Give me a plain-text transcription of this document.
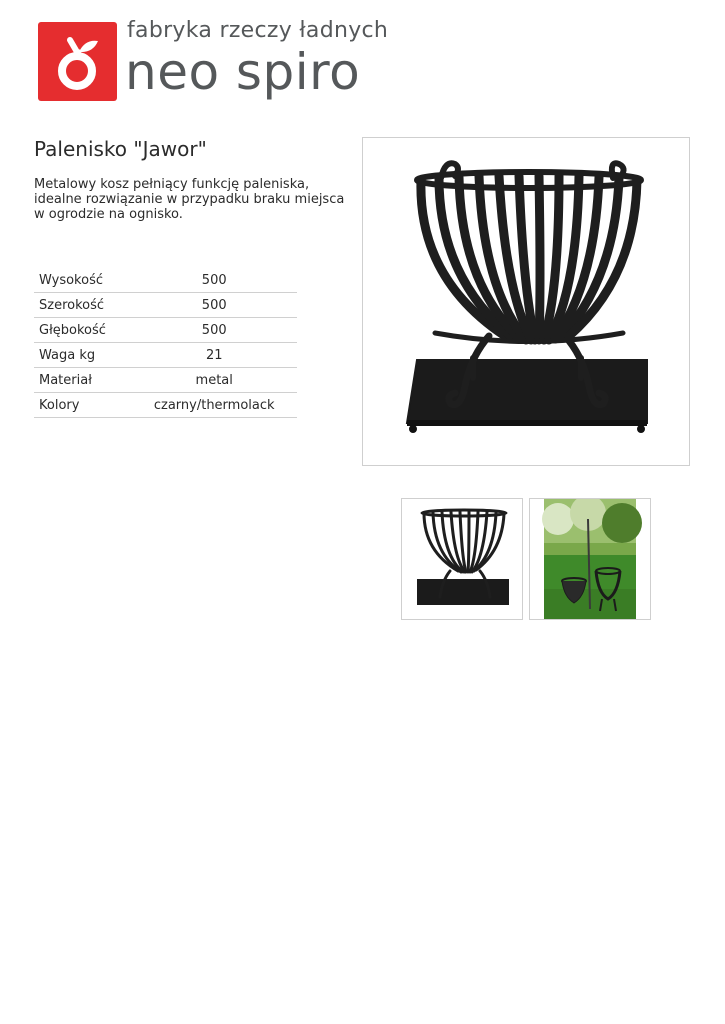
fabryka rzeczy ładnych
neo spiro
Palenisko "Jawor"

Metalowy kosz pełniący funkcję paleniska, idealne rozwiązanie w przypadku braku miejsca w ogrodzie na ognisko.

Wysokość	500
Szerokość	500
Głębokość	500
Waga kg	21
Materiał	metal
Kolory	czarny/thermolack
